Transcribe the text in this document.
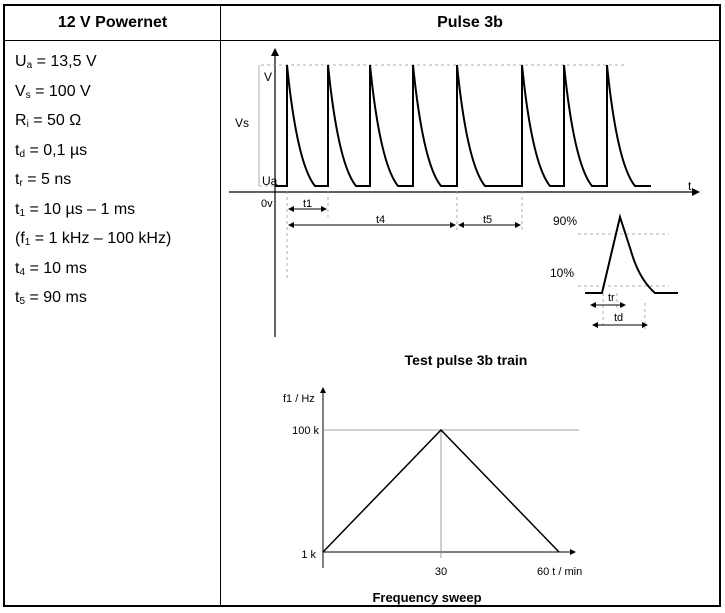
12 V Powernet	Pulse 3b
$U_a = 13,5$ V
$V_s = 100$ V
$R_i = 50$ Ω
$t_d = 0,1$ µs
$t_r = 5$ ns
$t_1 = 10$ µs – 1 ms
($f_1 = 1$ kHz – 100 kHz)
$t_4 = 10$ ms
$t_5 = 90$ ms
V
Vs
Ua
0v
t
t1
t4	t5	90%
10%
tr
td
Test pulse 3b train
f1 / Hz
100 k
1 k
30	60 t / min
Frequency sweep
